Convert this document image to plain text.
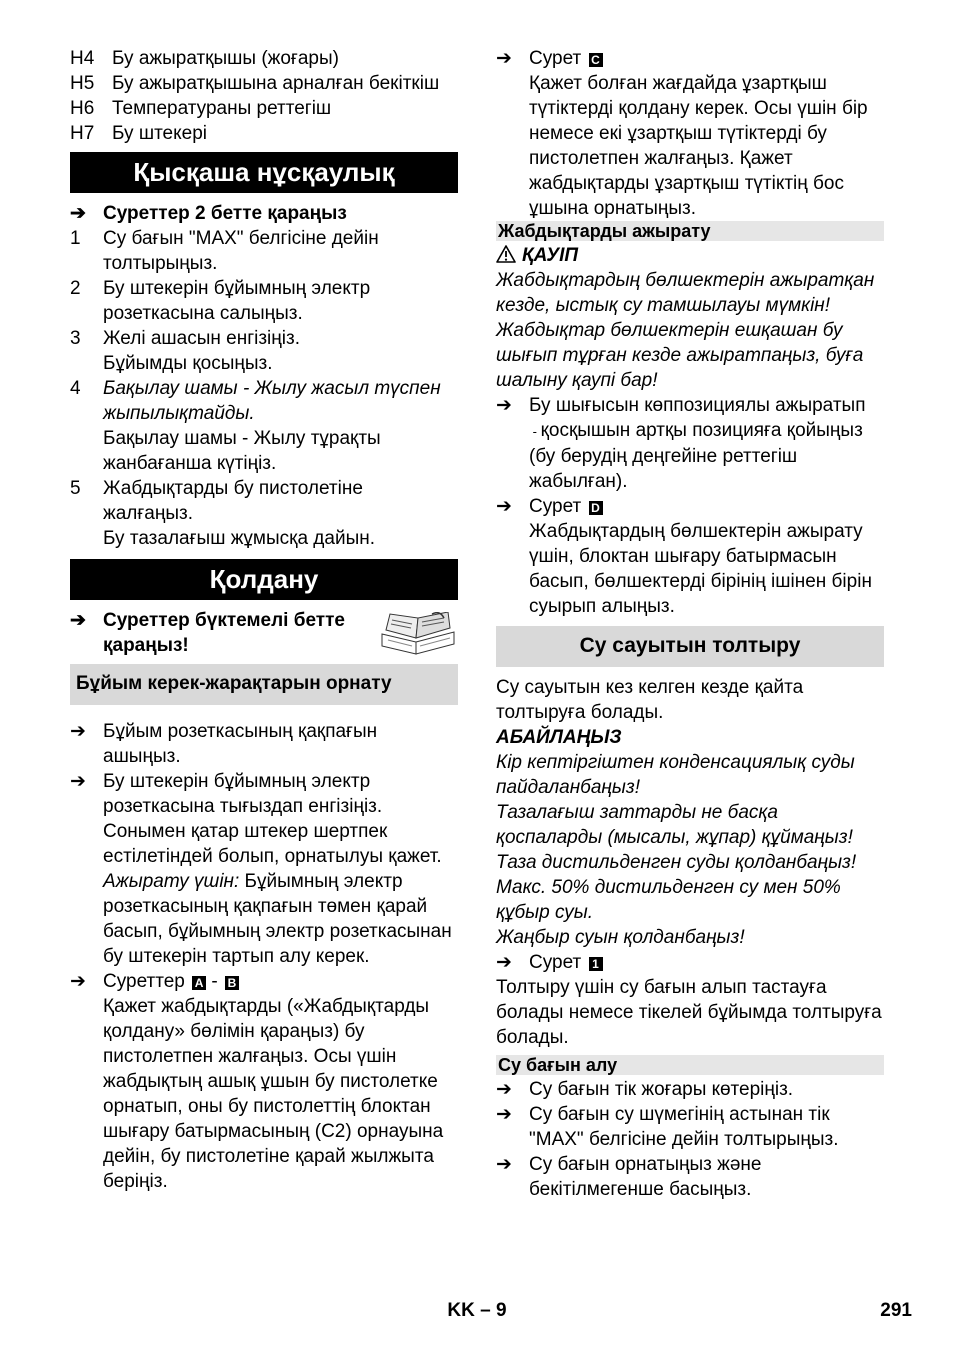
H4 Бу ажыратқышы (жоғары)
H5 Бу ажыратқышына арналған бекіткіш
H6 Температураны реттегіш
H7 Бу штекері
Қысқаша нұсқаулық
➔ Суреттер 2 бетте қараңыз
1 Су бағын "MAX" белгісіне дейін толтырыңыз.
2 Бу штекерін бұйымның электр розеткасына салыңыз.
3 Желі ашасын енгізіңіз.
Бұйымды қосыңыз.
4 Бақылау шамы - Жылу жасыл түспен жыпылықтайды.
Бақылау шамы - Жылу тұрақты жанбағанша күтіңіз.
5 Жабдықтарды бу пистолетіне жалғаңыз.
Бу тазалағыш жұмысқа дайын.
Қолдану
➔ Суреттер бүктемелі бетте қараңыз!
Бұйым керек-жарақтарын орнату
➔ Бұйым розеткасының қақпағын ашыңыз.
➔ Бу штекерін бұйымның электр розеткасына тығыздап енгізіңіз. Сонымен қатар штекер шертпек естілетіндей болып, орнатылуы қажет.
Ажырату үшін: Бұйымның электр розеткасының қақпағын төмен қарай басып, бұйымның электр розеткасынан бу штекерін тартып алу керек.
➔ Суреттер A - B
Қажет жабдықтарды («Жабдықтарды қолдану» бөлімін қараңыз) бу пистолетпен жалғаңыз. Осы үшін жабдықтың ашық ұшын бу пистолетке орнатып, оны бу пистолеттің блоктан шығару батырмасының (C2) орнауына дейін, бу пистолетіне қарай жылжыта беріңіз.
➔ Сурет C
Қажет болған жағдайда ұзартқыш түтіктерді қолдану керек. Осы үшін бір немесе екі ұзартқыш түтіктерді бу пистолетпен жалғаңыз. Қажет жабдықтарды ұзартқыш түтіктің бос ұшына орнатыңыз.
Жабдықтарды ажырату
ҚАУІП
Жабдықтардың бөлшектерін ажыратқан кезде, ыстық су тамшылауы мүмкін! Жабдықтар бөлшектерін ешқашан бу шығып тұрған кезде ажыратпаңыз, буға шалыну қаупі бар!
➔ Бу шығысын көппозициялы ажыратып - қосқышын артқы позицияға қойыңыз (бу берудің деңгейіне реттегіш жабылған).
➔ Сурет D
Жабдықтардың бөлшектерін ажырату үшін, блоктан шығару батырмасын басып, бөлшектерді бірінің ішінен бірін суырып алыңыз.
Су сауытын толтыру
Су сауытын кез келген кезде қайта толтыруға болады.
АБАЙЛАҢЫЗ
Кір кептіргіштен конденсациялық суды пайдаланбаңыз!
Тазалағыш заттарды не басқа қоспаларды (мысалы, жұпар) құймаңыз!
Таза дистильденген суды қолданбаңыз!
Макс. 50% дистильденген су мен 50% құбыр суы.
Жаңбыр суын қолданбаңыз!
➔ Сурет 1
Толтыру үшін су бағын алып тастауға болады немесе тікелей бұйымда толтыруға болады.
Су бағын алу
➔ Су бағын тік жоғары көтеріңіз.
➔ Су бағын су шүмегінің астынан тік "MAX" белгісіне дейін толтырыңыз.
➔ Су бағын орнатыңыз және бекітілмегенше басыңыз.
KK – 9	291
